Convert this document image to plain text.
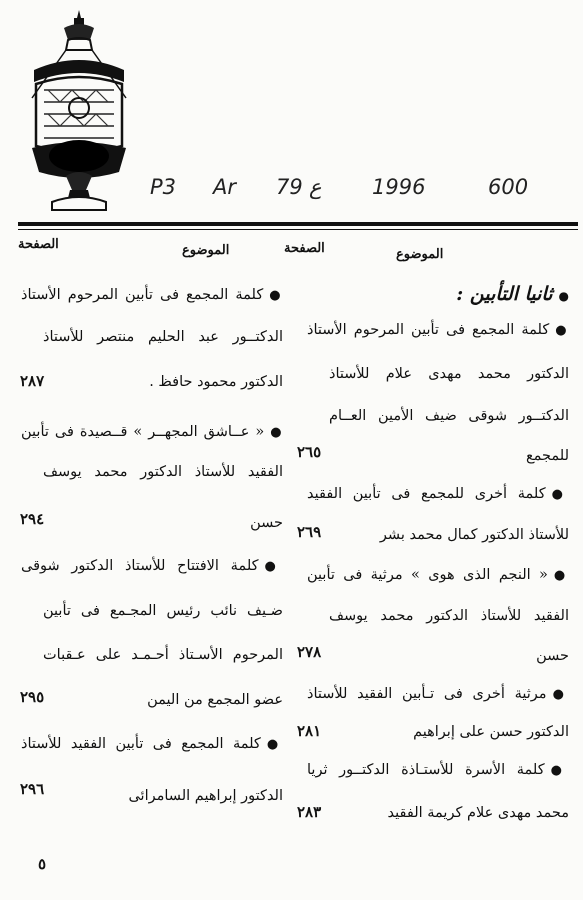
P3 Ar 79 ع 1996	600
الموضوع
الصفحة
الموضوع
الصفحة
●ثانيا التأبين :
● كلمة المجمع فى تأبين المرحوم الأستاذ
الدكتور محمد مهدى علام للأستاذ
الدكتــور شوقى ضيف الأمين العــام
للمجمع
٢٦٥
● كلمة أخرى للمجمع فى تأبين الفقيد
للأستاذ الدكتور كمال محمد بشر
٢٦٩
● « النجم الذى هوى » مرثية فى تأبين
الفقيد للأستاذ الدكتور محمد يوسف
حسن
٢٧٨
● مرثية أخرى فى تـأبين الفقيد للأستاذ
الدكتور حسن على إبراهيم
٢٨١
● كلمة الأسرة للأستـاذة الدكتــور ثريا
محمد مهدى علام كريمة الفقيد
٢٨٣
● كلمة المجمع فى تأبين المرحوم الأستاذ
الدكتــور عبد الحليم منتصر للأستاذ
الدكتور محمود حافظ .
٢٨٧
● « عــاشق المجهــر » قــصيدة فى تأبين
الفقيد للأستاذ الدكتور محمد يوسف
حسن
٢٩٤
● كلمة الافتتاح للأستاذ الدكتور شوقى
ضـيف نائب رئيس المجـمع فى تأبين
المرحوم الأسـتاذ أحـمـد على عـقبات
عضو المجمع من اليمن
٢٩٥
● كلمة المجمع فى تأبين الفقيد للأستاذ
الدكتور إبراهيم السامرائى
٢٩٦
٥
